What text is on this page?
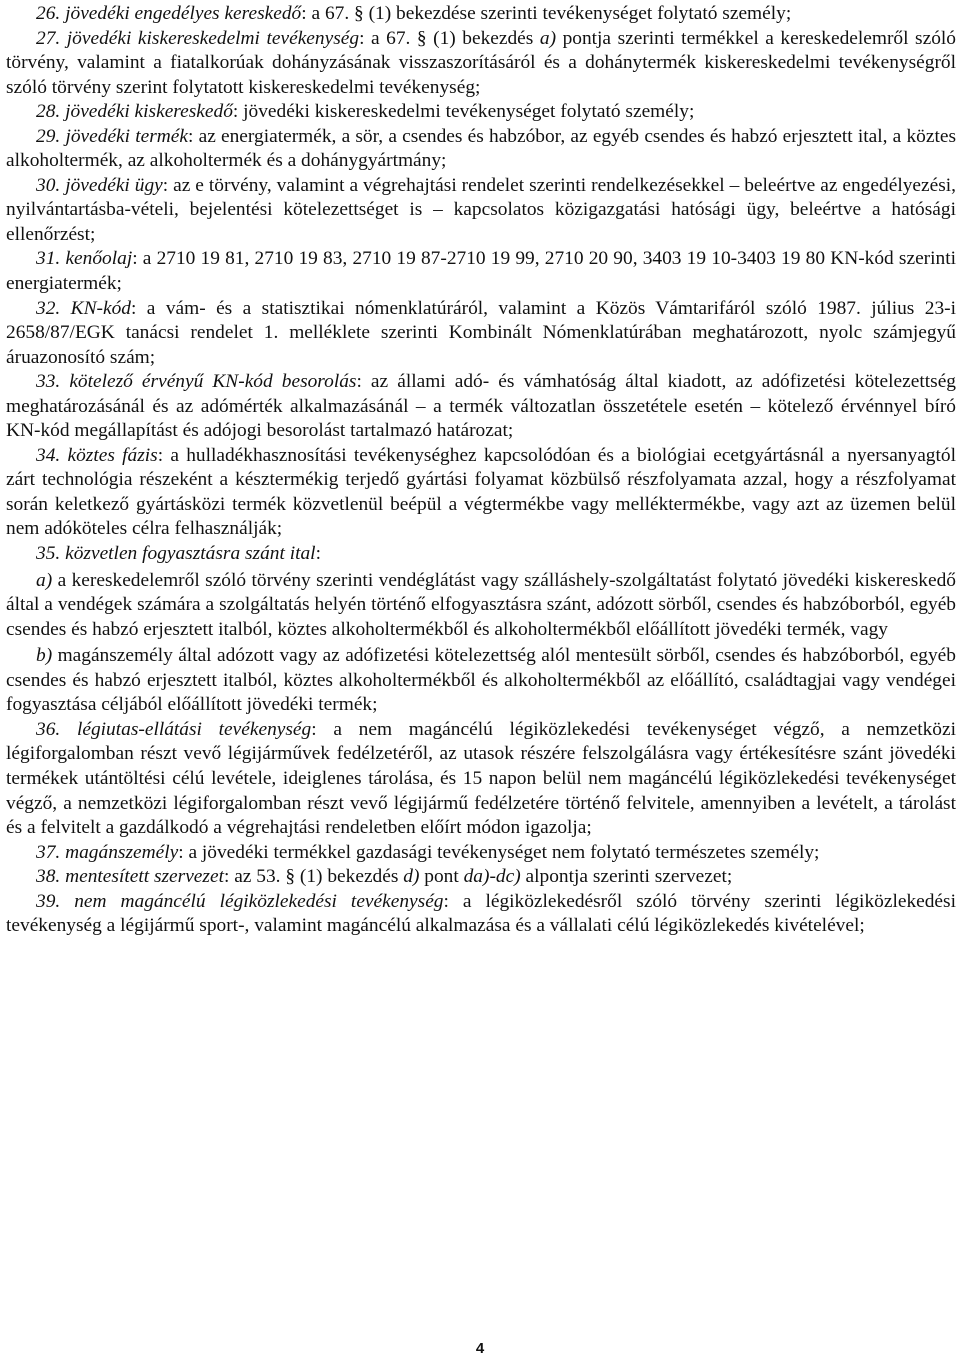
26. jövedéki engedélyes kereskedő: a 67. § (1) bekezdése szerinti tevékenységet folytató személy;

27. jövedéki kiskereskedelmi tevékenység: a 67. § (1) bekezdés a) pontja szerinti termékkel a kereskedelemről szóló törvény, valamint a fiatalkorúak dohányzásának visszaszorításáról és a dohánytermék kiskereskedelmi tevékenységről szóló törvény szerint folytatott kiskereskedelmi tevékenység;

28. jövedéki kiskereskedő: jövedéki kiskereskedelmi tevékenységet folytató személy;

29. jövedéki termék: az energiatermék, a sör, a csendes és habzóbor, az egyéb csendes és habzó erjesztett ital, a köztes alkoholtermék, az alkoholtermék és a dohánygyártmány;

30. jövedéki ügy: az e törvény, valamint a végrehajtási rendelet szerinti rendelkezésekkel – beleértve az engedélyezési, nyilvántartásba-vételi, bejelentési kötelezettséget is – kapcsolatos közigazgatási hatósági ügy, beleértve a hatósági ellenőrzést;

31. kenőolaj: a 2710 19 81, 2710 19 83, 2710 19 87-2710 19 99, 2710 20 90, 3403 19 10-3403 19 80 KN-kód szerinti energiatermék;

32. KN-kód: a vám- és a statisztikai nómenklatúráról, valamint a Közös Vámtarifáról szóló 1987. július 23-i 2658/87/EGK tanácsi rendelet 1. melléklete szerinti Kombinált Nómenklatúrában meghatározott, nyolc számjegyű áruazonosító szám;

33. kötelező érvényű KN-kód besorolás: az állami adó- és vámhatóság által kiadott, az adófizetési kötelezettség meghatározásánál és az adómérték alkalmazásánál – a termék változatlan összetétele esetén – kötelező érvénnyel bíró KN-kód megállapítást és adójogi besorolást tartalmazó határozat;

34. köztes fázis: a hulladékhasznosítási tevékenységhez kapcsolódóan és a biológiai ecetgyártásnál a nyersanyagtól zárt technológia részeként a késztermékig terjedő gyártási folyamat közbülső részfolyamata azzal, hogy a részfolyamat során keletkező gyártásközi termék közvetlenül beépül a végtermékbe vagy melléktermékbe, vagy azt az üzemen belül nem adóköteles célra felhasználják;

35. közvetlen fogyasztásra szánt ital:

a) a kereskedelemről szóló törvény szerinti vendéglátást vagy szálláshely-szolgáltatást folytató jövedéki kiskereskedő által a vendégek számára a szolgáltatás helyén történő elfogyasztásra szánt, adózott sörből, csendes és habzóborból, egyéb csendes és habzó erjesztett italból, köztes alkoholtermékből és alkoholtermékből előállított jövedéki termék, vagy

b) magánszemély által adózott vagy az adófizetési kötelezettség alól mentesült sörből, csendes és habzóborból, egyéb csendes és habzó erjesztett italból, köztes alkoholtermékből és alkoholtermékből az előállító, családtagjai vagy vendégei fogyasztása céljából előállított jövedéki termék;

36. légiutas-ellátási tevékenység: a nem magáncélú légiközlekedési tevékenységet végző, a nemzetközi légiforgalomban részt vevő légijárművek fedélzetéről, az utasok részére felszolgálásra vagy értékesítésre szánt jövedéki termékek utántöltési célú levétele, ideiglenes tárolása, és 15 napon belül nem magáncélú légiközlekedési tevékenységet végző, a nemzetközi légiforgalomban részt vevő légijármű fedélzetére történő felvitele, amennyiben a levételt, a tárolást és a felvitelt a gazdálkodó a végrehajtási rendeletben előírt módon igazolja;

37. magánszemély: a jövedéki termékkel gazdasági tevékenységet nem folytató természetes személy;

38. mentesített szervezet: az 53. § (1) bekezdés d) pont da)-dc) alpontja szerinti szervezet;

39. nem magáncélú légiközlekedési tevékenység: a légiközlekedésről szóló törvény szerinti légiközlekedési tevékenység a légijármű sport-, valamint magáncélú alkalmazása és a vállalati célú légiközlekedés kivételével;

4
